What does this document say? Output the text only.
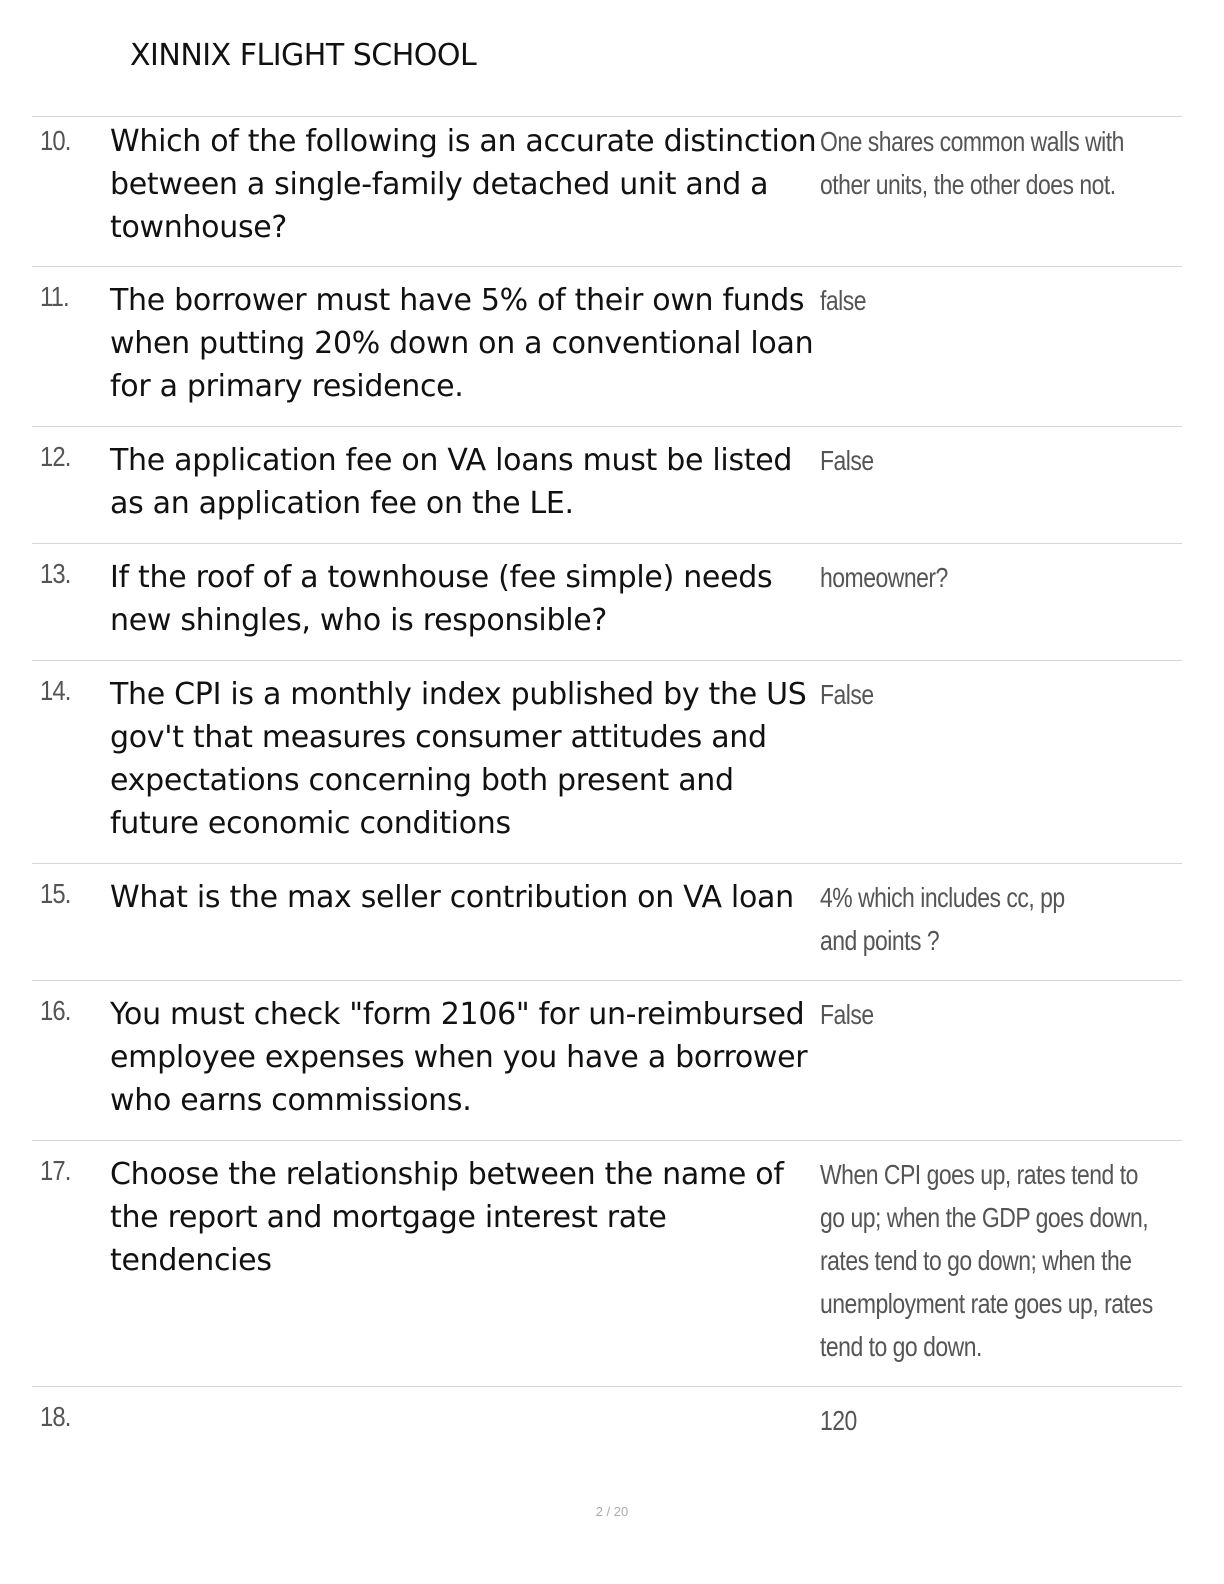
XINNIX FLIGHT SCHOOL
10. Which of the following is an accurate distinction between a single-family detached unit and a townhouse?
One shares common walls with other units, the other does not.
11. The borrower must have 5% of their own funds when putting 20% down on a conventional loan for a primary residence.
false
12. The application fee on VA loans must be listed as an application fee on the LE.
False
13. If the roof of a townhouse (fee simple) needs new shingles, who is responsible?
homeowner?
14. The CPI is a monthly index published by the US gov't that measures consumer attitudes and expectations concerning both present and future economic conditions
False
15. What is the max seller contribution on VA loan 4% which includes cc, pp and points ?
16. You must check "form 2106" for un-reimbursed employee expenses when you have a borrower who earns commissions.
False
17. Choose the relationship between the name of the report and mortgage interest rate tendencies
When CPI goes up, rates tend to go up; when the GDP goes down, rates tend to go down; when the unemployment rate goes up, rates tend to go down.
18.	120
2 / 20
